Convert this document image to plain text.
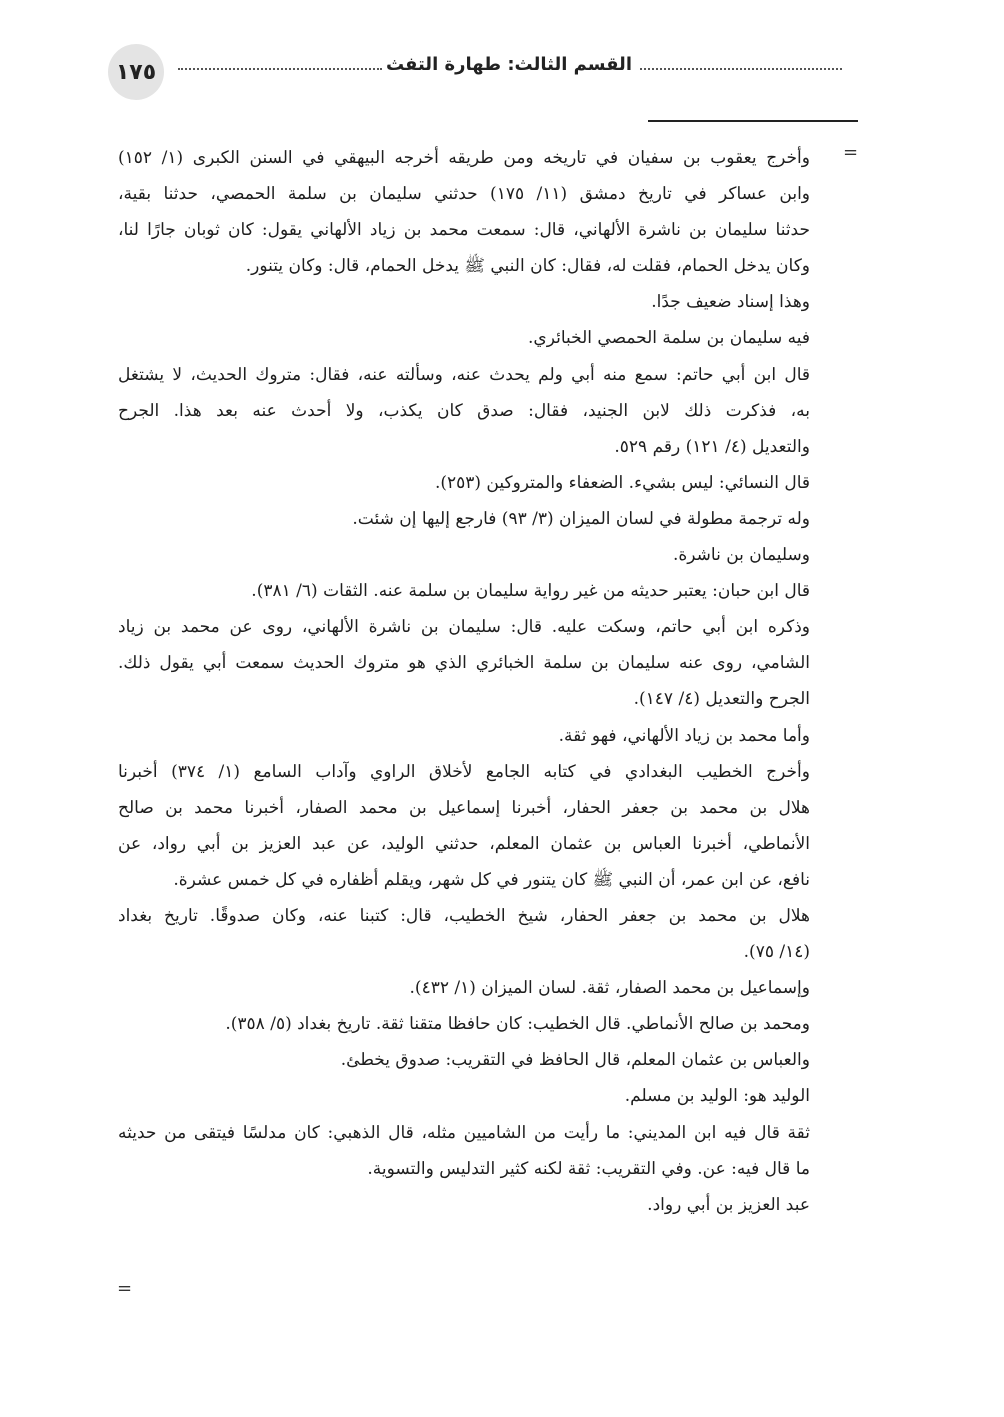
١٧٥	القسم الثالث: طهارة التفث
=
وأخرج يعقوب بن سفيان في تاريخه ومن طريقه أخرجه البيهقي في السنن الكبرى (١/ ١٥٢)
وابن عساكر في تاريخ دمشق (١١/ ١٧٥) حدثني سليمان بن سلمة الحمصي، حدثنا بقية،
حدثنا سليمان بن ناشرة الألهاني، قال: سمعت محمد بن زياد الألهاني يقول: كان ثوبان جارًا لنا،
وكان يدخل الحمام، فقلت له، فقال: كان النبي ﷺ يدخل الحمام، قال: وكان يتنور.
وهذا إسناد ضعيف جدًا.
فيه سليمان بن سلمة الحمصي الخبائري.
قال ابن أبي حاتم: سمع منه أبي ولم يحدث عنه، وسألته عنه، فقال: متروك الحديث، لا يشتغل
به، فذكرت ذلك لابن الجنيد، فقال: صدق كان يكذب، ولا أحدث عنه بعد هذا. الجرح
والتعديل (٤/ ١٢١) رقم ٥٢٩.
قال النسائي: ليس بشيء. الضعفاء والمتروكين (٢٥٣).
وله ترجمة مطولة في لسان الميزان (٣/ ٩٣) فارجع إليها إن شئت.
وسليمان بن ناشرة.
قال ابن حبان: يعتبر حديثه من غير رواية سليمان بن سلمة عنه. الثقات (٦/ ٣٨١).
وذكره ابن أبي حاتم، وسكت عليه. قال: سليمان بن ناشرة الألهاني، روى عن محمد بن زياد
الشامي، روى عنه سليمان بن سلمة الخبائري الذي هو متروك الحديث سمعت أبي يقول ذلك.
الجرح والتعديل (٤/ ١٤٧).
وأما محمد بن زياد الألهاني، فهو ثقة.
وأخرج الخطيب البغدادي في كتابه الجامع لأخلاق الراوي وآداب السامع (١/ ٣٧٤) أخبرنا
هلال بن محمد بن جعفر الحفار، أخبرنا إسماعيل بن محمد الصفار، أخبرنا محمد بن صالح
الأنماطي، أخبرنا العباس بن عثمان المعلم، حدثني الوليد، عن عبد العزيز بن أبي رواد، عن
نافع، عن ابن عمر، أن النبي ﷺ كان يتنور في كل شهر، ويقلم أظفاره في كل خمس عشرة.
هلال بن محمد بن جعفر الحفار، شيخ الخطيب، قال: كتبنا عنه، وكان صدوقًا. تاريخ بغداد
(١٤/ ٧٥).
وإسماعيل بن محمد الصفار، ثقة. لسان الميزان (١/ ٤٣٢).
ومحمد بن صالح الأنماطي. قال الخطيب: كان حافظا متقنا ثقة. تاريخ بغداد (٥/ ٣٥٨).
والعباس بن عثمان المعلم، قال الحافظ في التقريب: صدوق يخطئ.
الوليد هو: الوليد بن مسلم.
ثقة قال فيه ابن المديني: ما رأيت من الشاميين مثله، قال الذهبي: كان مدلسًا فيتقى من حديثه
ما قال فيه: عن. وفي التقريب: ثقة لكنه كثير التدليس والتسوية.
عبد العزيز بن أبي رواد.
=
